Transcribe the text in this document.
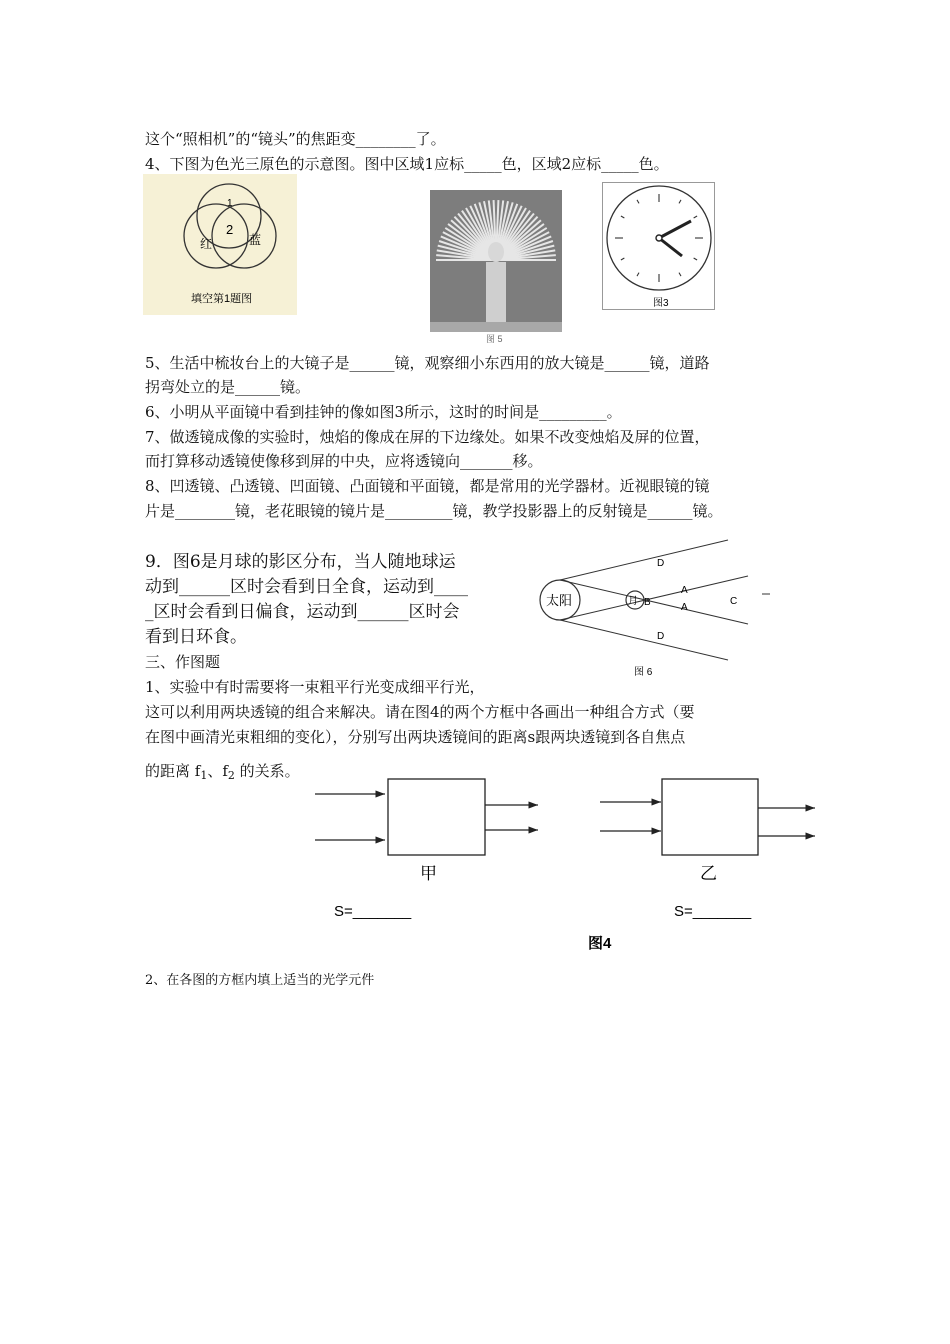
这个“照相机”的“镜头”的焦距变________了。
4、下图为色光三原色的示意图。图中区域1应标_____色，区域2应标_____色。
1
2
红	蓝
填空第1题图
图 5
图3
5、生活中梳妆台上的大镜子是______镜，观察细小东西用的放大镜是______镜，道路
拐弯处立的是______镜。
6、小明从平面镜中看到挂钟的像如图3所示，这时的时间是_________。
7、做透镜成像的实验时，烛焰的像成在屏的下边缘处。如果不改变烛焰及屏的位置，
而打算移动透镜使像移到屏的中央，应将透镜向_______移。
8、凹透镜、凸透镜、凹面镜、凸面镜和平面镜，都是常用的光学器材。近视眼镜的镜
片是________镜，老花眼镜的镜片是_________镜，教学投影器上的反射镜是______镜。
9．图6是月球的影区分布，当人随地球运
动到______区时会看到日全食，运动到____
_区时会看到日偏食，运动到______区时会
看到日环食。
太阳	月 B
A
A
C
D
D
图 6
三、作图题
1、实验中有时需要将一束粗平行光变成细平行光，
这可以利用两块透镜的组合来解决。请在图4的两个方框中各画出一种组合方式（要
在图中画清光束粗细的变化），分别写出两块透镜间的距离s跟两块透镜到各自焦点
的距离 $f_1$、$f_2$ 的关系。
甲
S=_______
乙
S=_______
图4
2、在各图的方框内填上适当的光学元件
